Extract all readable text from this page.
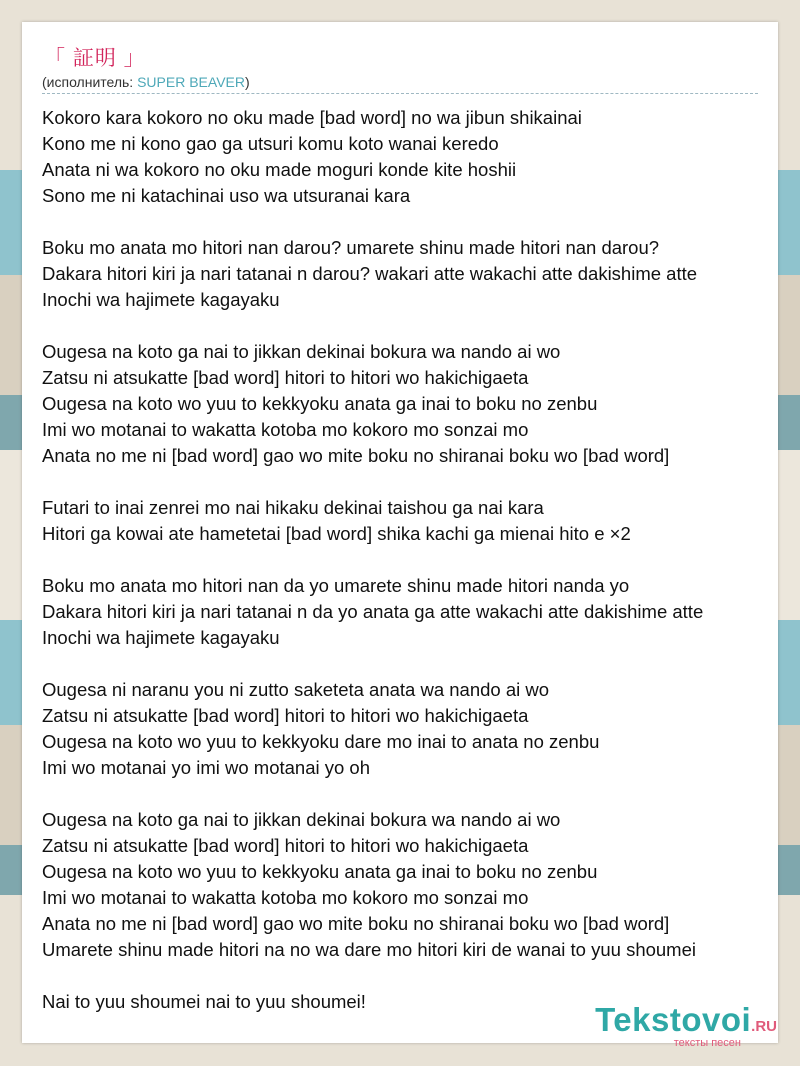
「 証明 」
(исполнитель: SUPER BEAVER)
Kokoro kara kokoro no oku made [bad word] no wa jibun shikainai
Kono me ni kono gao ga utsuri komu koto wanai keredo
Anata ni wa kokoro no oku made moguri konde kite hoshii
Sono me ni katachinai uso wa utsuranai kara
Boku mo anata mo hitori nan darou? umarete shinu made hitori nan darou?
Dakara hitori kiri ja nari tatanai n darou? wakari atte wakachi atte dakishime atte
Inochi wa hajimete kagayaku
Ougesa na koto ga nai to jikkan dekinai bokura wa nando ai wo
Zatsu ni atsukatte [bad word] hitori to hitori wo hakichigaeta
Ougesa na koto wo yuu to kekkyoku anata ga inai to boku no zenbu
Imi wo motanai to wakatta kotoba mo kokoro mo sonzai mo
Anata no me ni [bad word] gao wo mite boku no shiranai boku wo [bad word]
Futari to inai zenrei mo nai hikaku dekinai taishou ga nai kara
Hitori ga kowai ate hametetai [bad word] shika kachi ga mienai hito e ×2
Boku mo anata mo hitori nan da yo umarete shinu made hitori nanda yo
Dakara hitori kiri ja nari tatanai n da yo anata ga atte wakachi atte dakishime atte
Inochi wa hajimete kagayaku
Ougesa ni naranu you ni zutto saketeta anata wa nando ai wo
Zatsu ni atsukatte [bad word] hitori to hitori wo hakichigaeta
Ougesa na koto wo yuu to kekkyoku dare mo inai to anata no zenbu
Imi wo motanai yo imi wo motanai yo oh
Ougesa na koto ga nai to jikkan dekinai bokura wa nando ai wo
Zatsu ni atsukatte [bad word] hitori to hitori wo hakichigaeta
Ougesa na koto wo yuu to kekkyoku anata ga inai to boku no zenbu
Imi wo motanai to wakatta kotoba mo kokoro mo sonzai mo
Anata no me ni [bad word] gao wo mite boku no shiranai boku wo [bad word]
Umarete shinu made hitori na no wa dare mo hitori kiri de wanai to yuu shoumei
Nai to yuu shoumei nai to yuu shoumei!	Tekstovoi.RU
тексты песен
